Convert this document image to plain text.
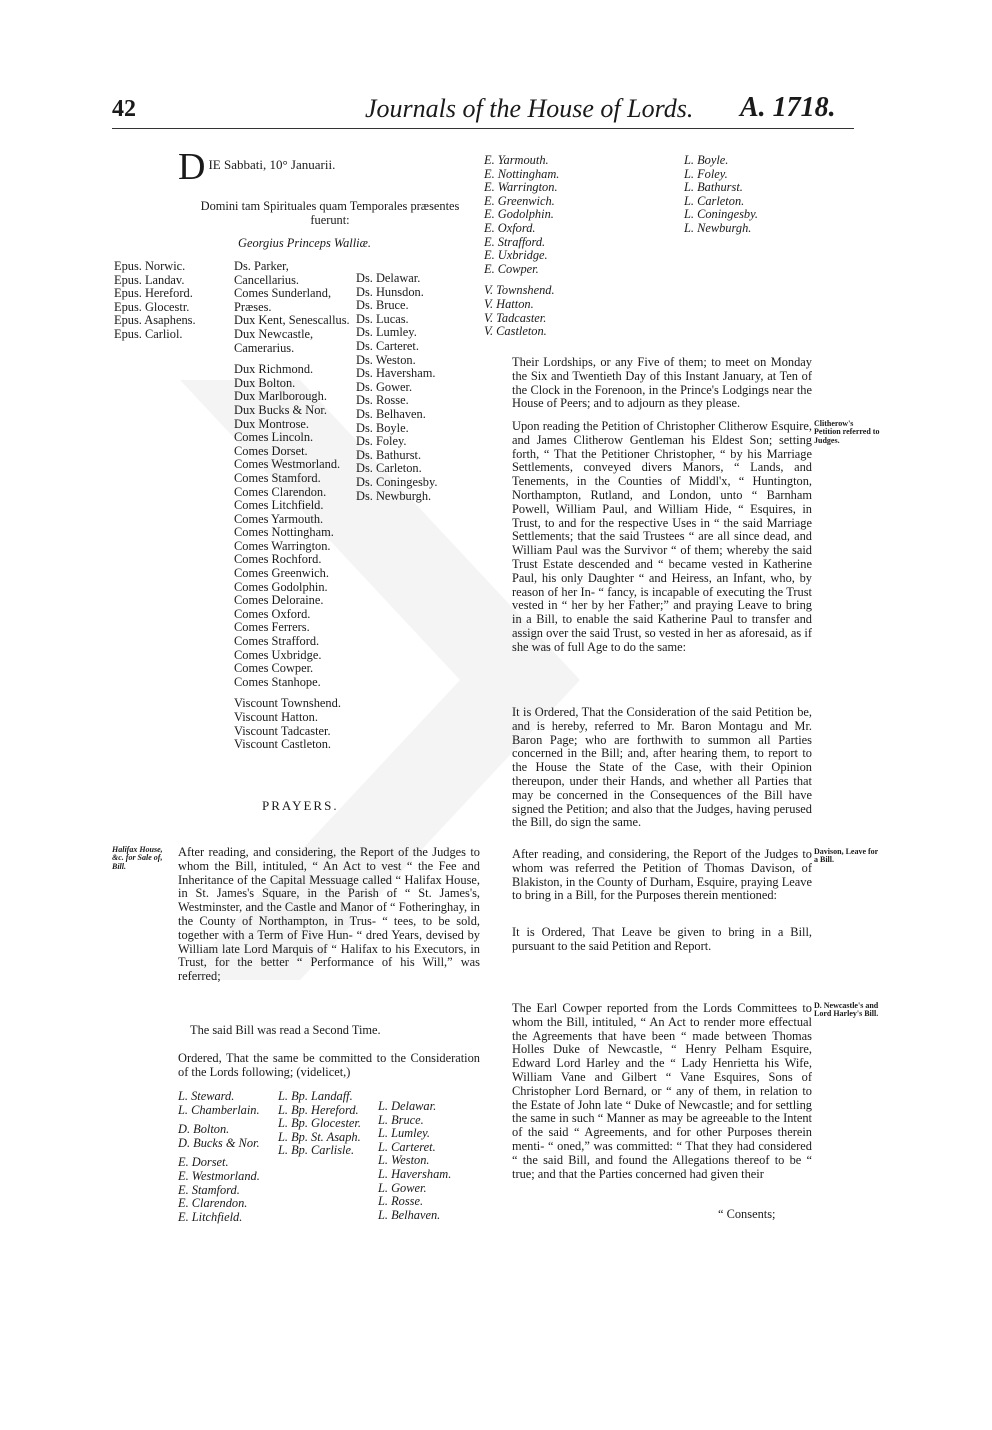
42	Journals of the House of Lords. A. 1718.
D $_{IE Sabbati, 10^\circ Januarii.}$
Domini tam Spirituales quam Temporales præsentes fuerunt:
Georgius Princeps Walliæ.
Epus. Norwic.
Epus. Landav.
Epus. Hereford.
Epus. Glocestr.
Epus. Asaphens.
Epus. Carliol.
Ds. Parker, Cancellarius.
Comes Sunderland, Præses.
Dux Kent, Senescallus.
Dux Newcastle, Camerarius.
Dux Richmond.
Dux Bolton.
Dux Marlborough.
Dux Bucks & Nor.
Dux Montrose.
Comes Lincoln.
Comes Dorset.
Comes Westmorland.
Comes Stamford.
Comes Clarendon.
Comes Litchfield.
Comes Yarmouth.
Comes Nottingham.
Comes Warrington.
Comes Rochford.
Comes Greenwich.
Comes Godolphin.
Comes Deloraine.
Comes Oxford.
Comes Ferrers.
Comes Strafford.
Comes Uxbridge.
Comes Cowper.
Comes Stanhope.
Viscount Townshend.
Viscount Hatton.
Viscount Tadcaster.
Viscount Castleton.
Ds. Delawar.
Ds. Hunsdon.
Ds. Bruce.
Ds. Lucas.
Ds. Lumley.
Ds. Carteret.
Ds. Weston.
Ds. Haversham.
Ds. Gower.
Ds. Rosse.
Ds. Belhaven.
Ds. Boyle.
Ds. Foley.
Ds. Bathurst.
Ds. Carleton.
Ds. Coningesby.
Ds. Newburgh.
PRAYERS.
Halifax House, &c. for Sale of, Bill.
After reading, and considering, the Report of the Judges to whom the Bill, intituled, “ An Act to vest “ the Fee and Inheritance of the Capital Messuage called “ Halifax House, in St. James's Square, in the Parish of “ St. James's, Westminster, and the Castle and Manor of “ Fotheringhay, in the County of Northampton, in Trus- “ tees, to be sold, together with a Term of Five Hun- “ dred Years, devised by William late Lord Marquis of “ Halifax to his Executors, in Trust, for the better “ Performance of his Will,” was referred;
The said Bill was read a Second Time.
Ordered, That the same be committed to the Consideration of the Lords following; (videlicet,)
L. Steward.
L. Chamberlain.
D. Bolton.
D. Bucks & Nor.
E. Dorset.
E. Westmorland.
E. Stamford.
E. Clarendon.
E. Litchfield.
L. Bp. Landaff.
L. Bp. Hereford.
L. Bp. Glocester.
L. Bp. St. Asaph.
L. Bp. Carlisle.
L. Delawar.
L. Bruce.
L. Lumley.
L. Carteret.
L. Weston.
L. Haversham.
L. Gower.
L. Rosse.
L. Belhaven.
E. Yarmouth.
E. Nottingham.
E. Warrington.
E. Greenwich.
E. Godolphin.
E. Oxford.
E. Strafford.
E. Uxbridge.
E. Cowper.
V. Townshend.
V. Hatton.
V. Tadcaster.
V. Castleton.
L. Boyle.
L. Foley.
L. Bathurst.
L. Carleton.
L. Coningesby.
L. Newburgh.
Their Lordships, or any Five of them; to meet on Monday the Six and Twentieth Day of this Instant January, at Ten of the Clock in the Forenoon, in the Prince's Lodgings near the House of Peers; and to adjourn as they please.
Clitherow's Petition referred to Judges.
Upon reading the Petition of Christopher Clitherow Esquire, and James Clitherow Gentleman his Eldest Son; setting forth, “ That the Petitioner Christopher, “ by his Marriage Settlements, conveyed divers Manors, “ Lands, and Tenements, in the Counties of Middl'x, “ Huntington, Northampton, Rutland, and London, unto “ Barnham Powell, William Paul, and William Hide, “ Esquires, in Trust, to and for the respective Uses in “ the said Marriage Settlements; that the said Trustees “ are all since dead, and William Paul was the Survivor “ of them; whereby the said Trust Estate descended and “ became vested in Katherine Paul, his only Daughter “ and Heiress, an Infant, who, by reason of her In- “ fancy, is incapable of executing the Trust vested in “ her by her Father;” and praying Leave to bring in a Bill, to enable the said Katherine Paul to transfer and assign over the said Trust, so vested in her as aforesaid, as if she was of full Age to do the same:
It is Ordered, That the Consideration of the said Petition be, and is hereby, referred to Mr. Baron Montagu and Mr. Baron Page; who are forthwith to summon all Parties concerned in the Bill; and, after hearing them, to report to the House the State of the Case, with their Opinion thereupon, under their Hands, and whether all Parties that may be concerned in the Consequences of the Bill have signed the Petition; and also that the Judges, having perused the Bill, do sign the same.
Davison, Leave for a Bill.
After reading, and considering, the Report of the Judges to whom was referred the Petition of Thomas Davison, of Blakiston, in the County of Durham, Esquire, praying Leave to bring in a Bill, for the Purposes therein mentioned:
It is Ordered, That Leave be given to bring in a Bill, pursuant to the said Petition and Report.
D. Newcastle's and Lord Harley's Bill.
The Earl Cowper reported from the Lords Committees to whom the Bill, intituled, “ An Act to render more effectual the Agreements that have been “ made between Thomas Holles Duke of Newcastle, “ Henry Pelham Esquire, Edward Lord Harley and the “ Lady Henrietta his Wife, William Vane and Gilbert “ Vane Esquires, Sons of Christopher Lord Bernard, or “ any of them, in relation to the Estate of John late “ Duke of Newcastle; and for settling the same in such “ Manner as may be agreeable to the Intent of the said “ Agreements, and for other Purposes therein menti- “ oned,” was committed: “ That they had considered “ the said Bill, and found the Allegations thereof to be “ true; and that the Parties concerned had given their
“ Consents;
